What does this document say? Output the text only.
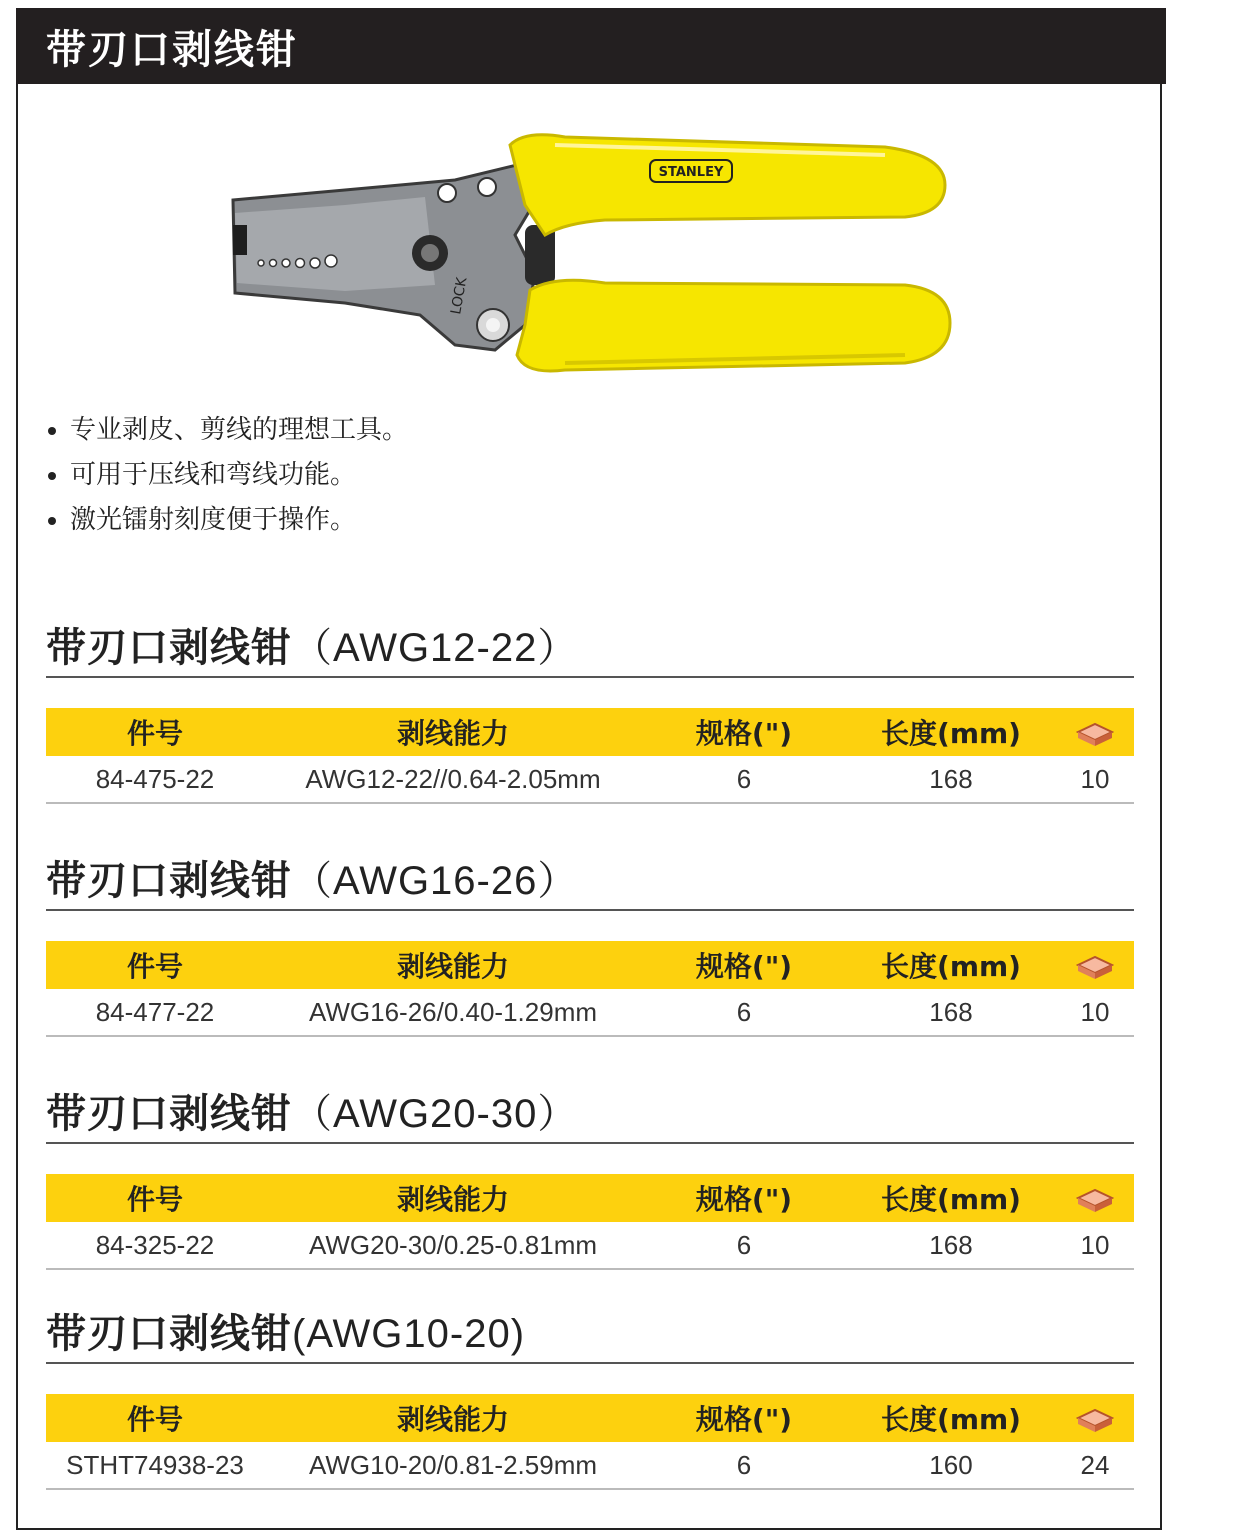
带刃口剥线钳
LOCK
STANLEY
专业剥皮、剪线的理想工具。
可用于压线和弯线功能。
激光镭射刻度便于操作。
带刃口剥线钳（AWG12-22）
件号	剥线能力	规格(")	长度(mm)	
84-475-22	AWG12-22//0.64-2.05mm	6	168	10
带刃口剥线钳（AWG16-26）
件号	剥线能力	规格(")	长度(mm)	
84-477-22	AWG16-26/0.40-1.29mm	6	168	10
带刃口剥线钳（AWG20-30）
件号	剥线能力	规格(")	长度(mm)	
84-325-22	AWG20-30/0.25-0.81mm	6	168	10
带刃口剥线钳(AWG10-20)
件号	剥线能力	规格(")	长度(mm)	
STHT74938-23	AWG10-20/0.81-2.59mm	6	160	24
